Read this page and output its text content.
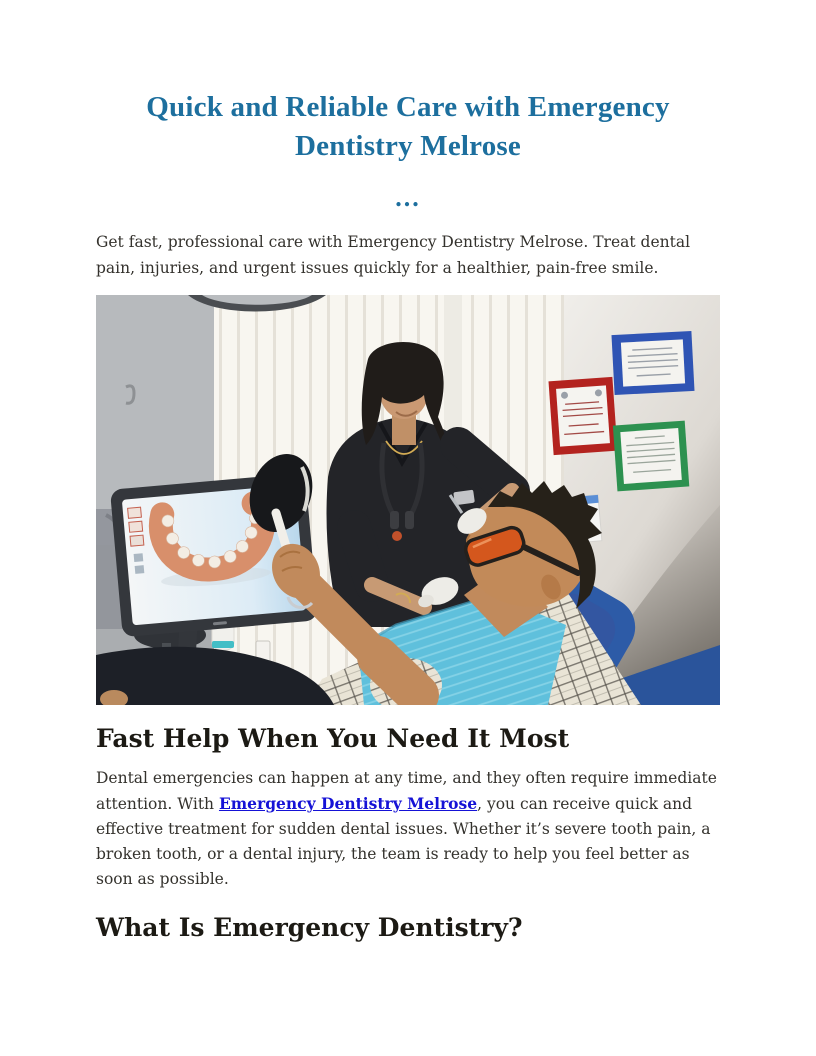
Quick and Reliable Care with Emergency
Dentistry Melrose
...

Get fast, professional care with Emergency Dentistry Melrose. Treat dental pain, injuries, and urgent issues quickly for a healthier, pain-free smile.

Fast Help When You Need It Most

Dental emergencies can happen at any time, and they often require immediate attention. With Emergency Dentistry Melrose, you can receive quick and effective treatment for sudden dental issues. Whether it’s severe tooth pain, a broken tooth, or a dental injury, the team is ready to help you feel better as soon as possible.

What Is Emergency Dentistry?
